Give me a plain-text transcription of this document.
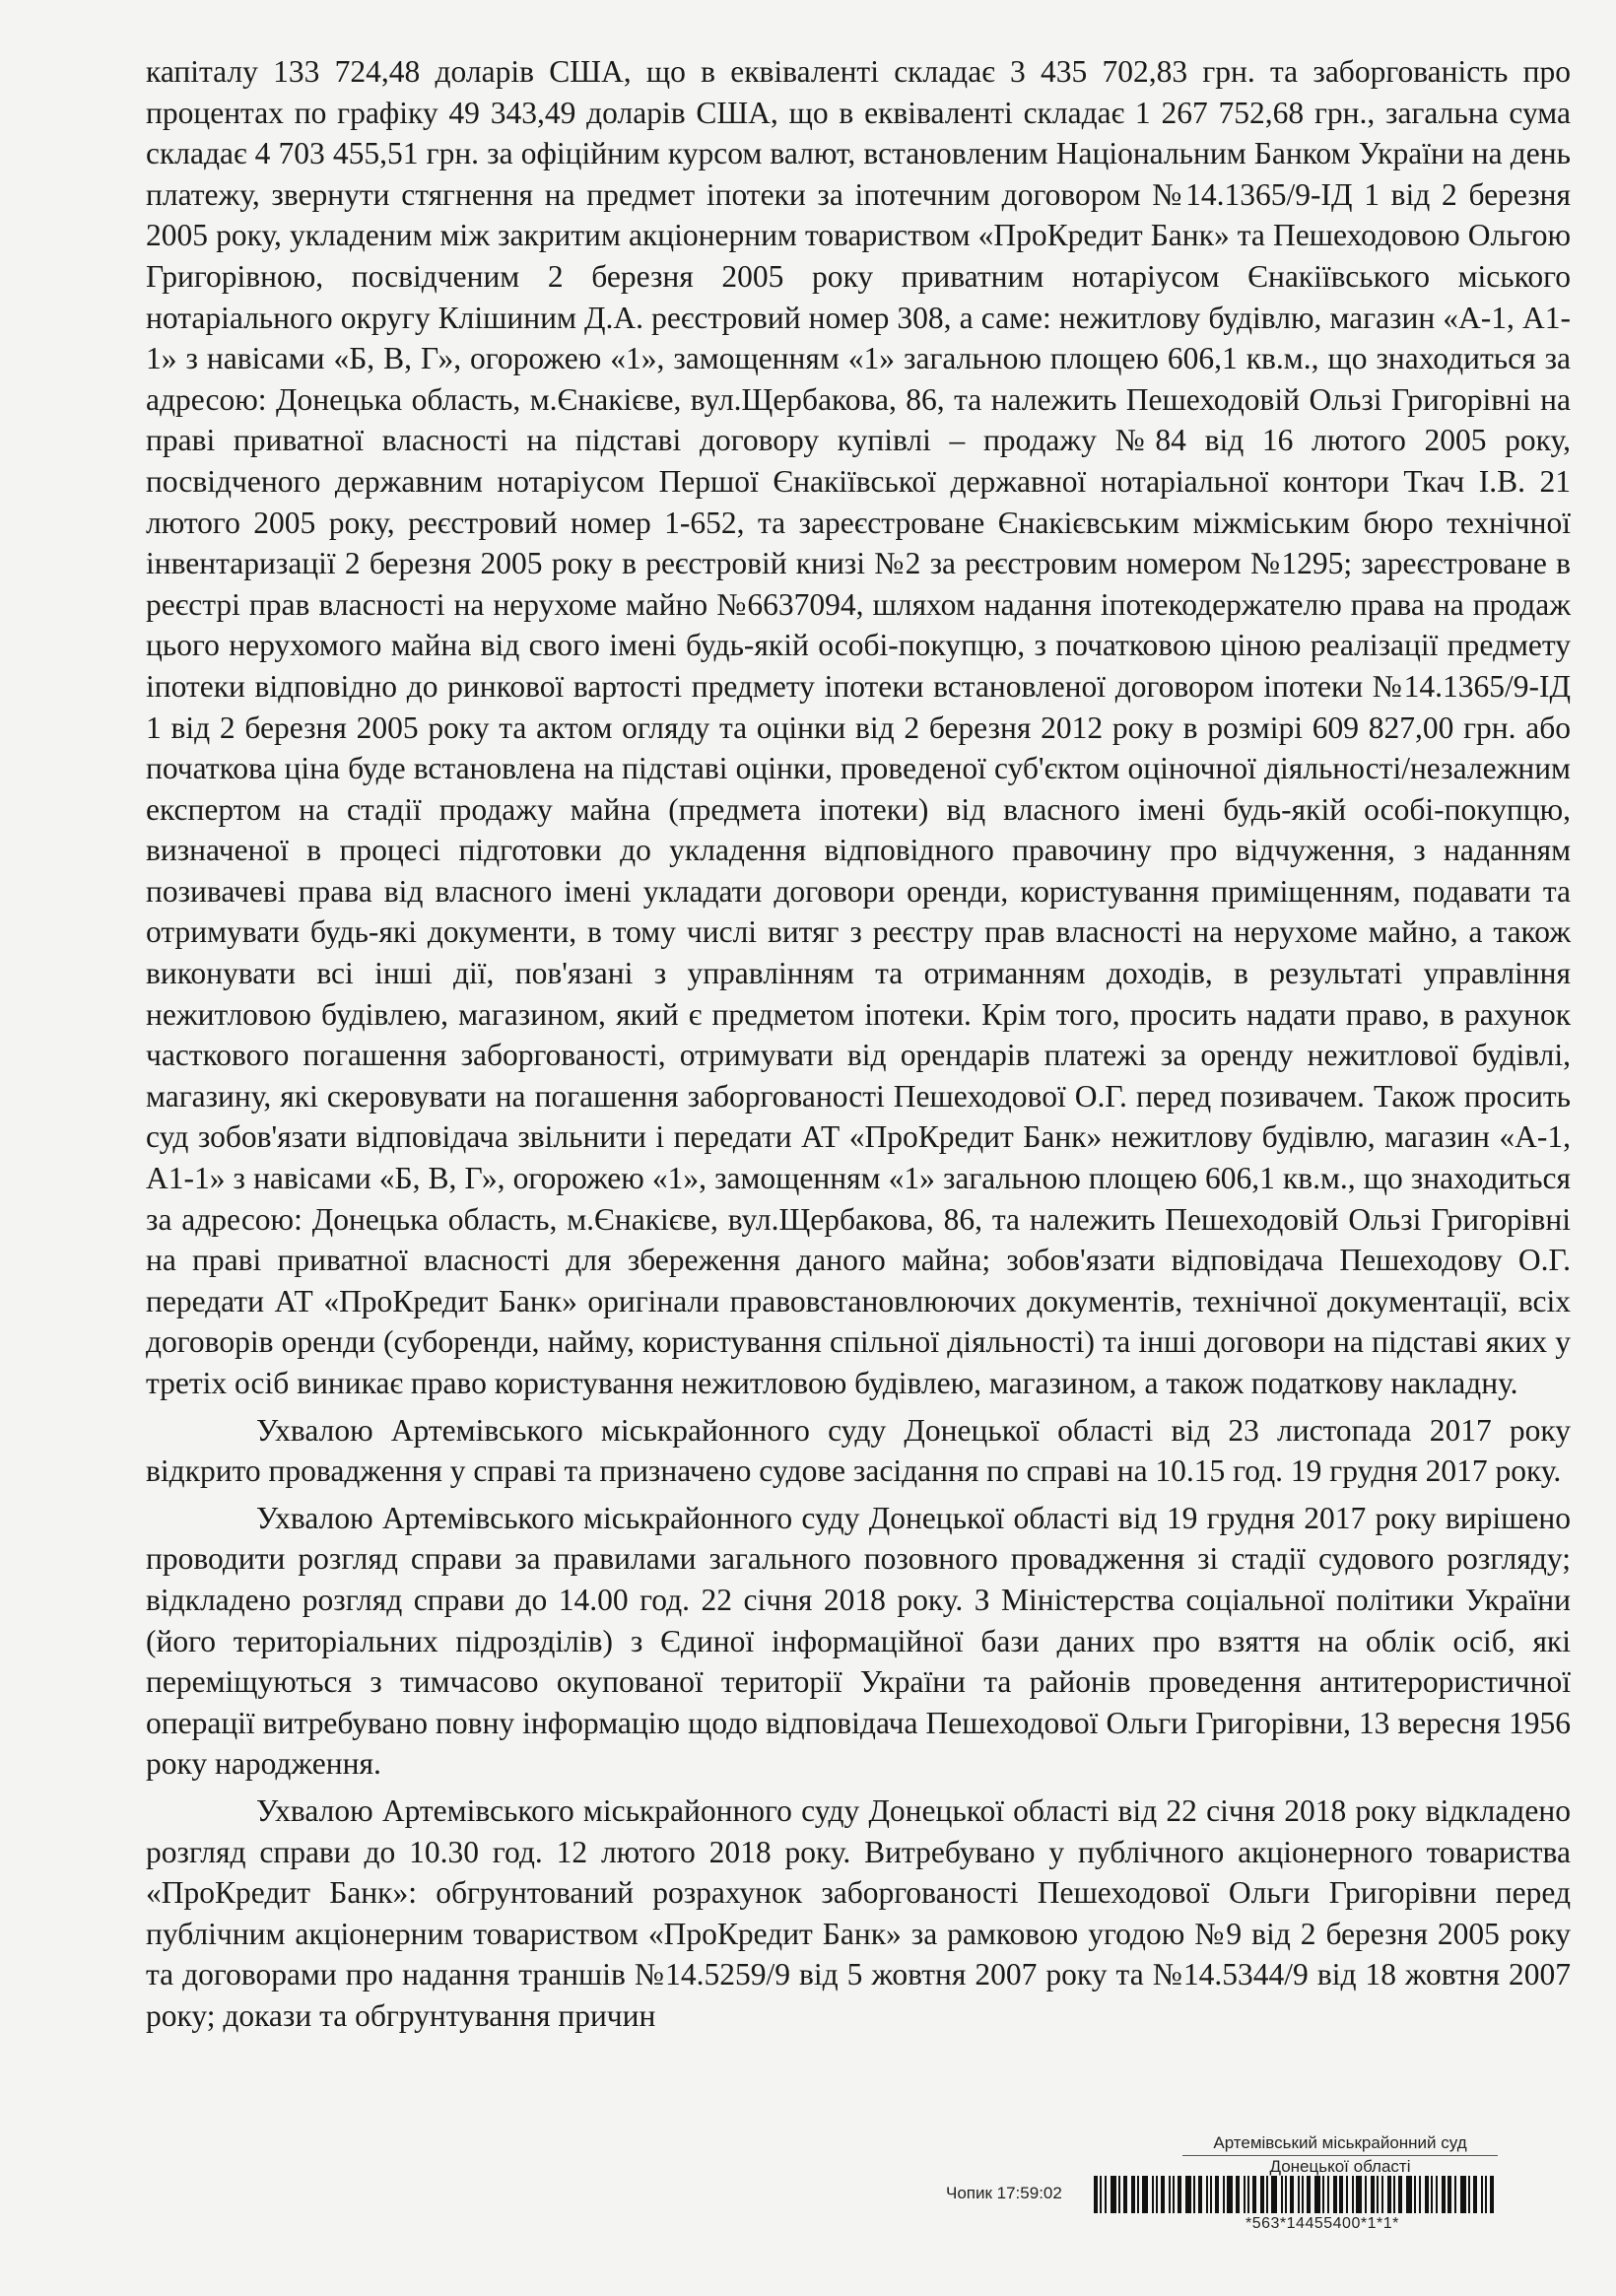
капіталу 133 724,48 доларів США, що в еквіваленті складає 3 435 702,83 грн. та заборгованість про процентах по графіку 49 343,49 доларів США, що в еквіваленті складає 1 267 752,68 грн., загальна сума складає 4 703 455,51 грн. за офіційним курсом валют, встановленим Національним Банком України на день платежу, звернути стягнення на предмет іпотеки за іпотечним договором №14.1365/9-ІД 1 від 2 березня 2005 року, укладеним між закритим акціонерним товариством «ПроКредит Банк» та Пешеходовою Ольгою Григорівною, посвідченим 2 березня 2005 року приватним нотаріусом Єнакіївського міського нотаріального округу Клішиним Д.А. реєстровий номер 308, а саме: нежитлову будівлю, магазин «А-1, А1-1» з навісами «Б, В, Г», огорожею «1», замощенням «1» загальною площею 606,1 кв.м., що знаходиться за адресою: Донецька область, м.Єнакієве, вул.Щербакова, 86, та належить Пешеходовій Ользі Григорівні на праві приватної власності на підставі договору купівлі – продажу №84 від 16 лютого 2005 року, посвідченого державним нотаріусом Першої Єнакіївської державної нотаріальної контори Ткач І.В. 21 лютого 2005 року, реєстровий номер 1-652, та зареєстроване Єнакієвським міжміським бюро технічної інвентаризації 2 березня 2005 року в реєстровій книзі №2 за реєстровим номером №1295; зареєстроване в реєстрі прав власності на нерухоме майно №6637094, шляхом надання іпотекодержателю права на продаж цього нерухомого майна від свого імені будь-якій особі-покупцю, з початковою ціною реалізації предмету іпотеки відповідно до ринкової вартості предмету іпотеки встановленої договором іпотеки №14.1365/9-ІД 1 від 2 березня 2005 року та актом огляду та оцінки від 2 березня 2012 року в розмірі 609 827,00 грн. або початкова ціна буде встановлена на підставі оцінки, проведеної суб'єктом оціночної діяльності/незалежним експертом на стадії продажу майна (предмета іпотеки) від власного імені будь-якій особі-покупцю, визначеної в процесі підготовки до укладення відповідного правочину про відчуження, з наданням позивачеві права від власного імені укладати договори оренди, користування приміщенням, подавати та отримувати будь-які документи, в тому числі витяг з реєстру прав власності на нерухоме майно, а також виконувати всі інші дії, пов'язані з управлінням та отриманням доходів, в результаті управління нежитловою будівлею, магазином, який є предметом іпотеки. Крім того, просить надати право, в рахунок часткового погашення заборгованості, отримувати від орендарів платежі за оренду нежитлової будівлі, магазину, які скеровувати на погашення заборгованості Пешеходової О.Г. перед позивачем. Також просить суд зобов'язати відповідача звільнити і передати АТ «ПроКредит Банк» нежитлову будівлю, магазин «А-1, А1-1» з навісами «Б, В, Г», огорожею «1», замощенням «1» загальною площею 606,1 кв.м., що знаходиться за адресою: Донецька область, м.Єнакієве, вул.Щербакова, 86, та належить Пешеходовій Ользі Григорівні на праві приватної власності для збереження даного майна; зобов'язати відповідача Пешеходову О.Г. передати АТ «ПроКредит Банк» оригінали правовстановлюючих документів, технічної документації, всіх договорів оренди (суборенди, найму, користування спільної діяльності) та інші договори на підставі яких у третіх осіб виникає право користування нежитловою будівлею, магазином, а також податкову накладну.

Ухвалою Артемівського міськрайонного суду Донецької області від 23 листопада 2017 року відкрито провадження у справі та призначено судове засідання по справі на 10.15 год. 19 грудня 2017 року.

Ухвалою Артемівського міськрайонного суду Донецької області від 19 грудня 2017 року вирішено проводити розгляд справи за правилами загального позовного провадження зі стадії судового розгляду; відкладено розгляд справи до 14.00 год. 22 січня 2018 року. З Міністерства соціальної політики України (його територіальних підрозділів) з Єдиної інформаційної бази даних про взяття на облік осіб, які переміщуються з тимчасово окупованої території України та районів проведення антитерористичної операції витребувано повну інформацію щодо відповідача Пешеходової Ольги Григорівни, 13 вересня 1956 року народження.

Ухвалою Артемівського міськрайонного суду Донецької області від 22 січня 2018 року відкладено розгляд справи до 10.30 год. 12 лютого 2018 року. Витребувано у публічного акціонерного товариства «ПроКредит Банк»: обгрунтований розрахунок заборгованості Пешеходової Ольги Григорівни перед публічним акціонерним товариством «ПроКредит Банк» за рамковою угодою №9 від 2 березня 2005 року та договорами про надання траншів №14.5259/9 від 5 жовтня 2007 року та №14.5344/9 від 18 жовтня 2007 року; докази та обгрунтування причин

Артемівський міськрайонний суд
Донецької області
Чопик 17:59:02
*563*14455400*1*1*
